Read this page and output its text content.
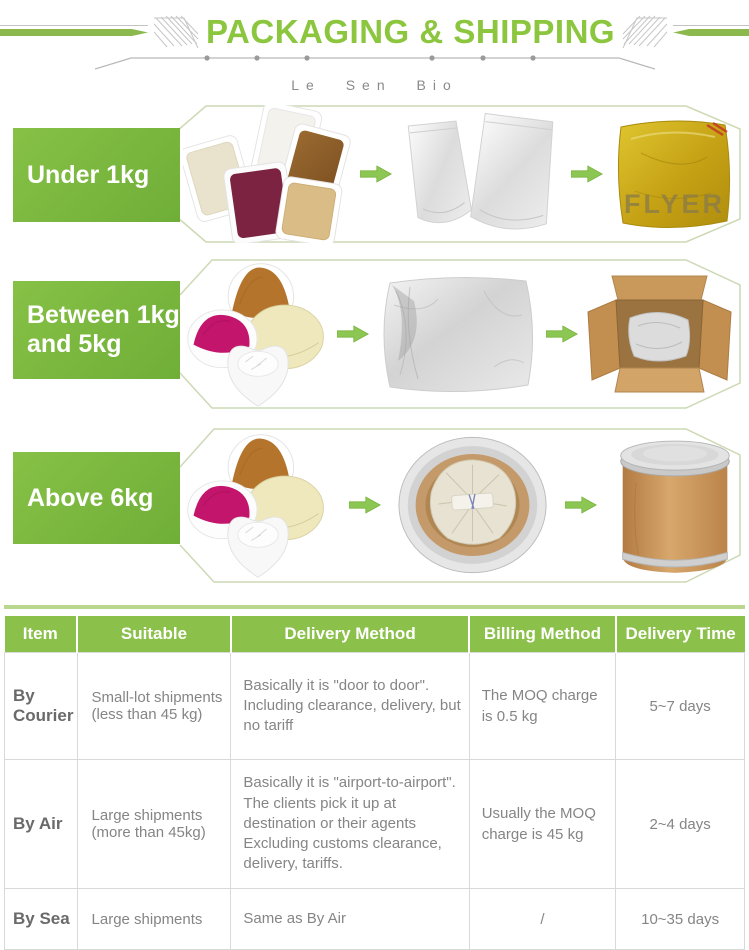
PACKAGING & SHIPPING
Le Sen Bio
Under 1kg
FLYER
Between 1kg and 5kg
Above 6kg
Item	Suitable	Delivery Method	Billing Method	Delivery Time
By Courier	Small-lot shipments (less than 45 kg)	Basically it is "door to door". Including clearance, delivery, but no tariff	The MOQ charge is 0.5 kg	5~7 days
By Air	Large shipments (more than 45kg)	Basically it is "airport-to-airport". The clients pick it up at destination or their agents Excluding customs clearance, delivery, tariffs.	Usually the MOQ charge is 45 kg	2~4 days
By Sea	Large shipments	Same as By Air	/	10~35 days
